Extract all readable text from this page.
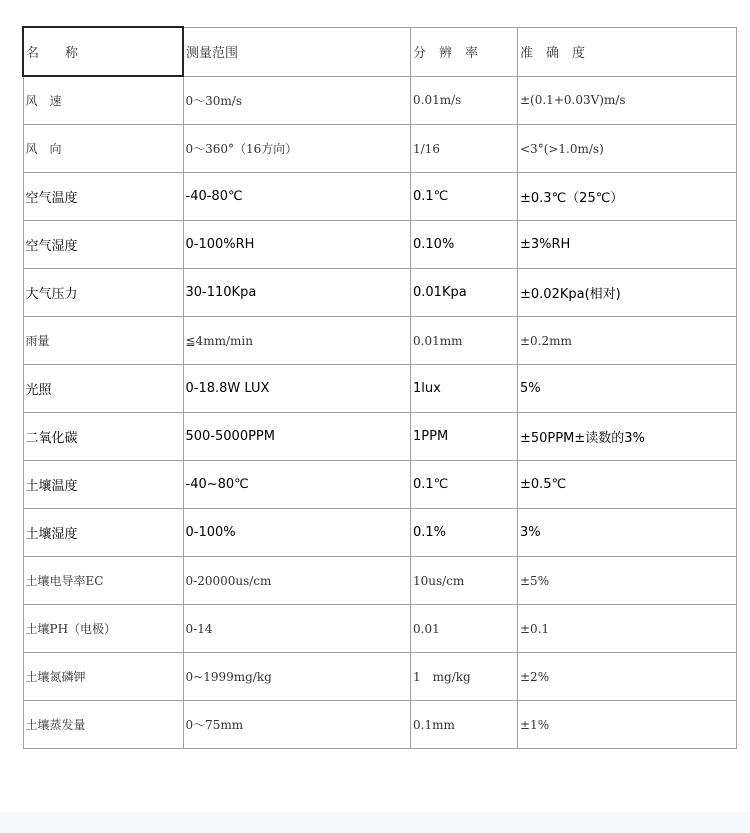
名　　称	测量范围	分　辨　率	准　确　度
风　速	0～30m/s	0.01m/s	±(0.1+0.03V)m/s
风　向	0～360°（16方向）	1/16	<3°(>1.0m/s)
空气温度	-40-80℃	0.1℃	±0.3℃（25℃）
空气湿度	0-100%RH	0.10%	±3%RH
大气压力	30-110Kpa	0.01Kpa	±0.02Kpa(相对)
雨量	≦4mm/min	0.01mm	±0.2mm
光照	0-18.8W LUX	1lux	5%
二氧化碳	500-5000PPM	1PPM	±50PPM±读数的3%
土壤温度	-40~80℃	0.1℃	±0.5℃
土壤湿度	0-100%	0.1%	3%
土壤电导率EC	0-20000us/cm	10us/cm	±5%
土壤PH（电极）	0-14	0.01	±0.1
土壤氮磷钾	0~1999mg/kg	1　mg/kg	±2%
土壤蒸发量	0～75mm	0.1mm	±1%
